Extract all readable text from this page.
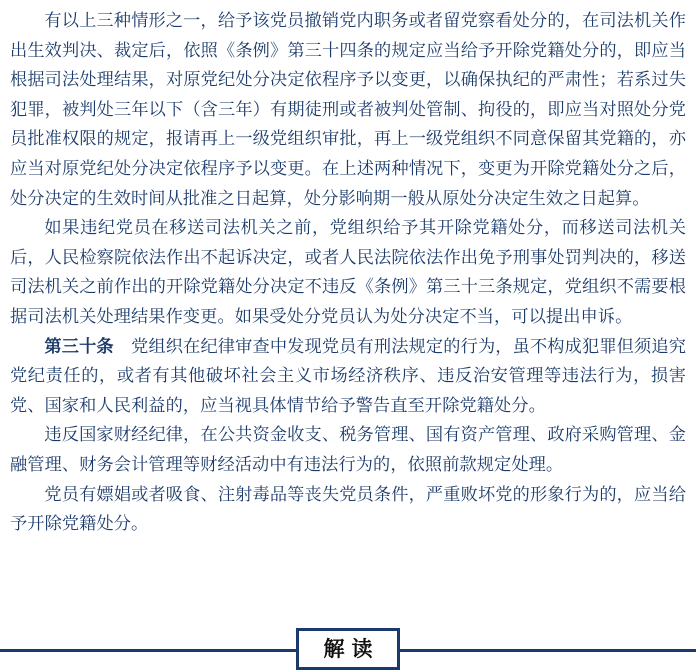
有以上三种情形之一，给予该党员撤销党内职务或者留党察看处分的，在司法机关作出生效判决、裁定后，依照《条例》第三十四条的规定应当给予开除党籍处分的，即应当根据司法处理结果，对原党纪处分决定依程序予以变更，以确保执纪的严肃性；若系过失犯罪，被判处三年以下（含三年）有期徒刑或者被判处管制、拘役的，即应当对照处分党员批准权限的规定，报请再上一级党组织审批，再上一级党组织不同意保留其党籍的，亦应当对原党纪处分决定依程序予以变更。在上述两种情况下，变更为开除党籍处分之后，处分决定的生效时间从批准之日起算，处分影响期一般从原处分决定生效之日起算。

如果违纪党员在移送司法机关之前，党组织给予其开除党籍处分，而移送司法机关后，人民检察院依法作出不起诉决定，或者人民法院依法作出免予刑事处罚判决的，移送司法机关之前作出的开除党籍处分决定不违反《条例》第三十三条规定，党组织不需要根据司法机关处理结果作变更。如果受处分党员认为处分决定不当，可以提出申诉。

第三十条　党组织在纪律审查中发现党员有刑法规定的行为，虽不构成犯罪但须追究党纪责任的，或者有其他破坏社会主义市场经济秩序、违反治安管理等违法行为，损害党、国家和人民利益的，应当视具体情节给予警告直至开除党籍处分。

违反国家财经纪律，在公共资金收支、税务管理、国有资产管理、政府采购管理、金融管理、财务会计管理等财经活动中有违法行为的，依照前款规定处理。

党员有嫖娼或者吸食、注射毒品等丧失党员条件，严重败坏党的形象行为的，应当给予开除党籍处分。

解读
